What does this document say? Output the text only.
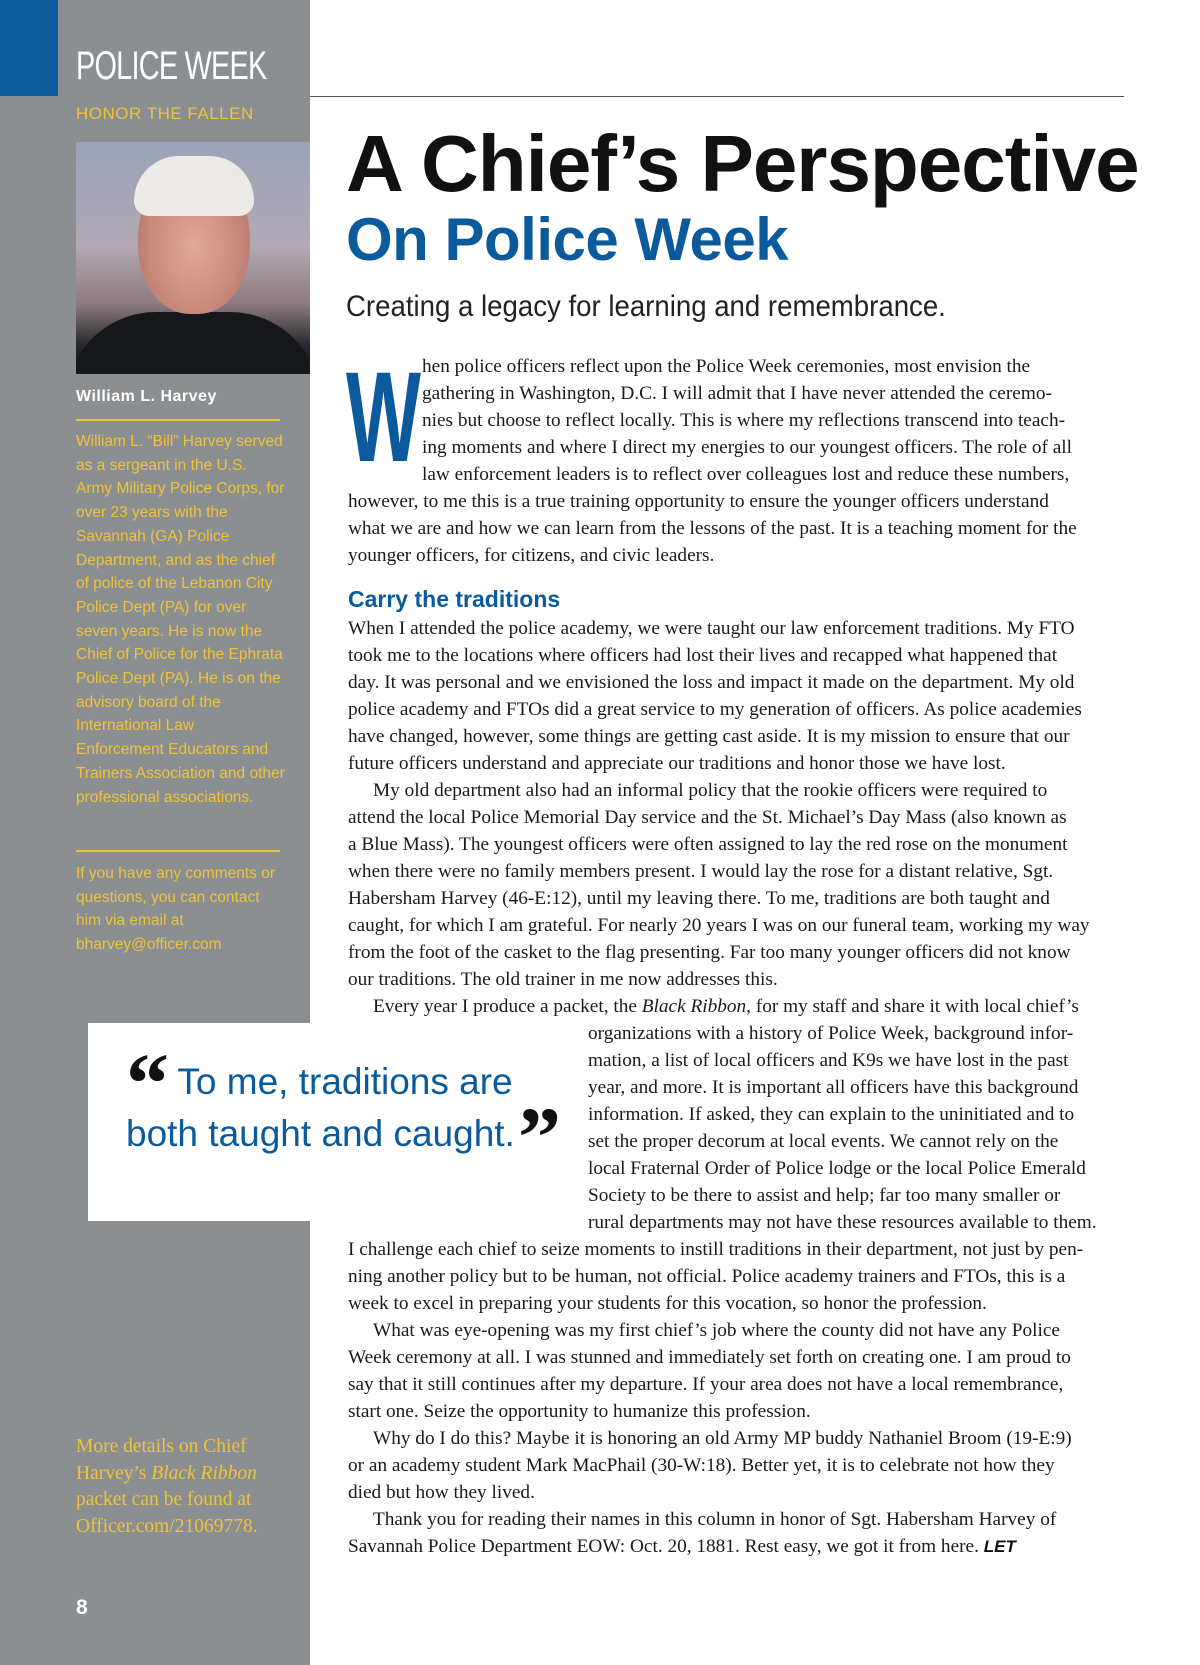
POLICE WEEK
HONOR THE FALLEN
William L. Harvey
William L. “Bill” Harvey served as a sergeant in the U.S. Army Military Police Corps, for over 23 years with the Savannah (GA) Police Department, and as the chief of police of the Lebanon City Police Dept (PA) for over seven years. He is now the Chief of Police for the Ephrata Police Dept (PA). He is on the advisory board of the International Law Enforcement Educators and Trainers Association and other professional associations.
If you have any comments or questions, you can contact him via email at bharvey@officer.com
More details on Chief Harvey’s Black Ribbon packet can be found at Officer.com/21069778.
8
“ To me, traditions are both taught and caught. ”
A Chief’s Perspective
On Police Week
Creating a legacy for learning and remembrance.
W
Carry the traditions
hen police officers reflect upon the Police Week ceremonies, most envision the
gathering in Washington, D.C. I will admit that I have never attended the ceremo-
nies but choose to reflect locally. This is where my reflections transcend into teach-
ing moments and where I direct my energies to our youngest officers. The role of all
law enforcement leaders is to reflect over colleagues lost and reduce these numbers,
however, to me this is a true training opportunity to ensure the younger officers understand
what we are and how we can learn from the lessons of the past. It is a teaching moment for the
younger officers, for citizens, and civic leaders.
When I attended the police academy, we were taught our law enforcement traditions. My FTO
took me to the locations where officers had lost their lives and recapped what happened that
day. It was personal and we envisioned the loss and impact it made on the department. My old
police academy and FTOs did a great service to my generation of officers. As police academies
have changed, however, some things are getting cast aside. It is my mission to ensure that our
future officers understand and appreciate our traditions and honor those we have lost.
My old department also had an informal policy that the rookie officers were required to
attend the local Police Memorial Day service and the St. Michael’s Day Mass (also known as
a Blue Mass). The youngest officers were often assigned to lay the red rose on the monument
when there were no family members present. I would lay the rose for a distant relative, Sgt.
Habersham Harvey (46-E:12), until my leaving there. To me, traditions are both taught and
caught, for which I am grateful. For nearly 20 years I was on our funeral team, working my way
from the foot of the casket to the flag presenting. Far too many younger officers did not know
our traditions. The old trainer in me now addresses this.
Every year I produce a packet, the Black Ribbon, for my staff and share it with local chief’s
organizations with a history of Police Week, background infor-
mation, a list of local officers and K9s we have lost in the past
year, and more. It is important all officers have this background
information. If asked, they can explain to the uninitiated and to
set the proper decorum at local events. We cannot rely on the
local Fraternal Order of Police lodge or the local Police Emerald
Society to be there to assist and help; far too many smaller or
rural departments may not have these resources available to them.
I challenge each chief to seize moments to instill traditions in their department, not just by pen-
ning another policy but to be human, not official. Police academy trainers and FTOs, this is a
week to excel in preparing your students for this vocation, so honor the profession.
What was eye-opening was my first chief’s job where the county did not have any Police
Week ceremony at all. I was stunned and immediately set forth on creating one. I am proud to
say that it still continues after my departure. If your area does not have a local remembrance,
start one. Seize the opportunity to humanize this profession.
Why do I do this? Maybe it is honoring an old Army MP buddy Nathaniel Broom (19-E:9)
or an academy student Mark MacPhail (30-W:18). Better yet, it is to celebrate not how they
died but how they lived.
Thank you for reading their names in this column in honor of Sgt. Habersham Harvey of
Savannah Police Department EOW: Oct. 20, 1881. Rest easy, we got it from here. LET
